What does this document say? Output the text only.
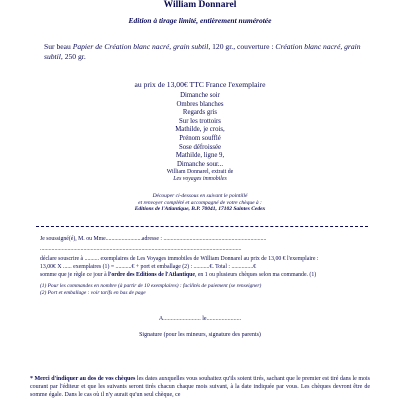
William Donnarel
Edition à tirage limité, entièrement numérotée
Sur beau Papier de Création blanc nacré, grain subtil, 120 gr., couverture : Création blanc nacré, grain subtil, 250 gr.
au prix de 13,00€ TTC France l'exemplaire
Dimanche soir
Ombres blanches
Regards gris
Sur les trottoirs
Mathilde, je crois,
Prénom soufflé
Sose défroissée
Mathilde, ligne 9,
Dimanche sour...
William Donnarel, extrait de
Les voyages immobiles
Découper ci-dessous en suivant le pointillé
et renvoyer complété et accompagné de votre chèque à :
Editions de l'Atlantique, B.P. 70041, 17102 Saintes Cedex
Je soussigné(é), M. ou Mme.........................adresse : .......................................................................
...........................................................................................................................................
déclare souscrire à .......... exemplaires de Les Voyages immobiles de William Donnarel au prix de 13,00 € l'exemplaire :
13,00€ X ...... exemplaires (1) = ...........€ + port et emballage (2) : ...........€. Total : ...............€
somme que je règle ce jour à l'ordre des Editions de l'Atlantique, en 1 ou plusieurs chèques selon ma commande. (1)
(1) Pour les commandes en nombre (à partir de 10 exemplaires) : facilités de paiement (se renseigner)
(2) Port et emballage : voir tarifs en bas de page
A......................... le.......................
Signature (pour les mineurs, signature des parents)
* Merci d'indiquer au dos de vos chèques les dates auxquelles vous souhaitez qu'ils soient tirés, sachant que le premier est tiré dans le mois courant par l'éditeur et que les suivants seront tirés chacun chaque mois suivant, à la date indiquée par vous. Les chèques devront être de somme égale. Dans le cas où il n'y aurait qu'un seul chèque, ce
